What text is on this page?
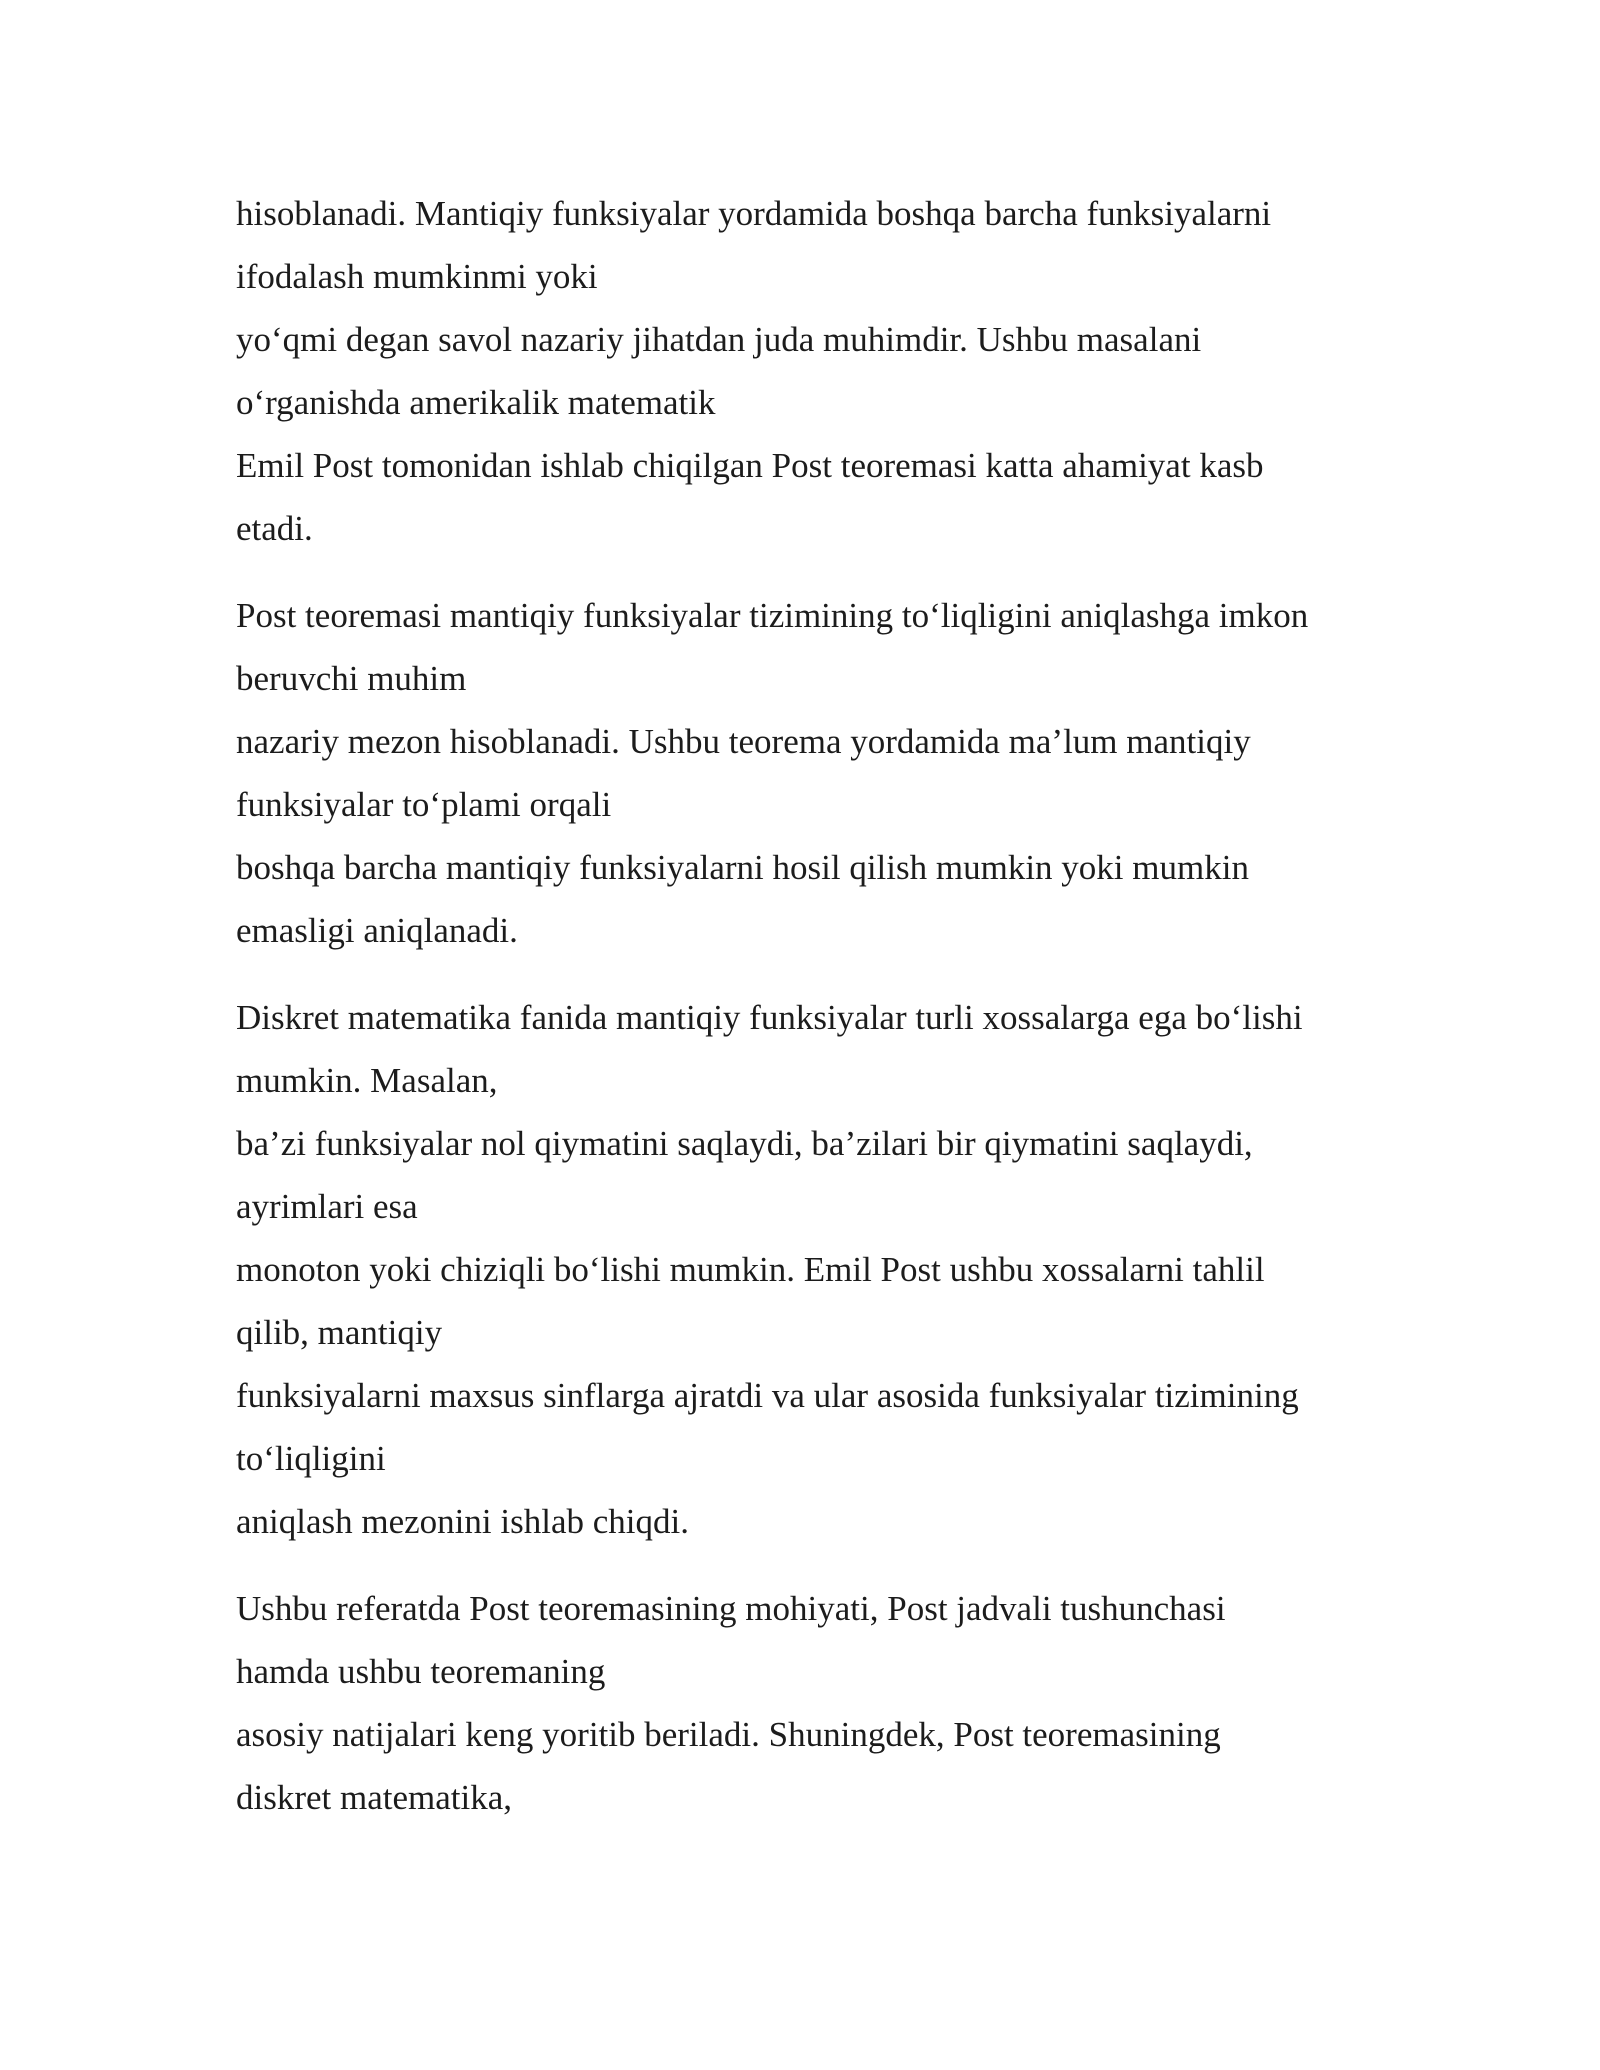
hisoblanadi. Mantiqiy funksiyalar yordamida boshqa barcha funksiyalarni
ifodalash mumkinmi yoki
yo‘qmi degan savol nazariy jihatdan juda muhimdir. Ushbu masalani
o‘rganishda amerikalik matematik
Emil Post tomonidan ishlab chiqilgan Post teoremasi katta ahamiyat kasb
etadi.
Post teoremasi mantiqiy funksiyalar tizimining to‘liqligini aniqlashga imkon
beruvchi muhim
nazariy mezon hisoblanadi. Ushbu teorema yordamida ma’lum mantiqiy
funksiyalar to‘plami orqali
boshqa barcha mantiqiy funksiyalarni hosil qilish mumkin yoki mumkin
emasligi aniqlanadi.
Diskret matematika fanida mantiqiy funksiyalar turli xossalarga ega bo‘lishi
mumkin. Masalan,
ba’zi funksiyalar nol qiymatini saqlaydi, ba’zilari bir qiymatini saqlaydi,
ayrimlari esa
monoton yoki chiziqli bo‘lishi mumkin. Emil Post ushbu xossalarni tahlil
qilib, mantiqiy
funksiyalarni maxsus sinflarga ajratdi va ular asosida funksiyalar tizimining
to‘liqligini
aniqlash mezonini ishlab chiqdi.
Ushbu referatda Post teoremasining mohiyati, Post jadvali tushunchasi
hamda ushbu teoremaning
asosiy natijalari keng yoritib beriladi. Shuningdek, Post teoremasining
diskret matematika,
